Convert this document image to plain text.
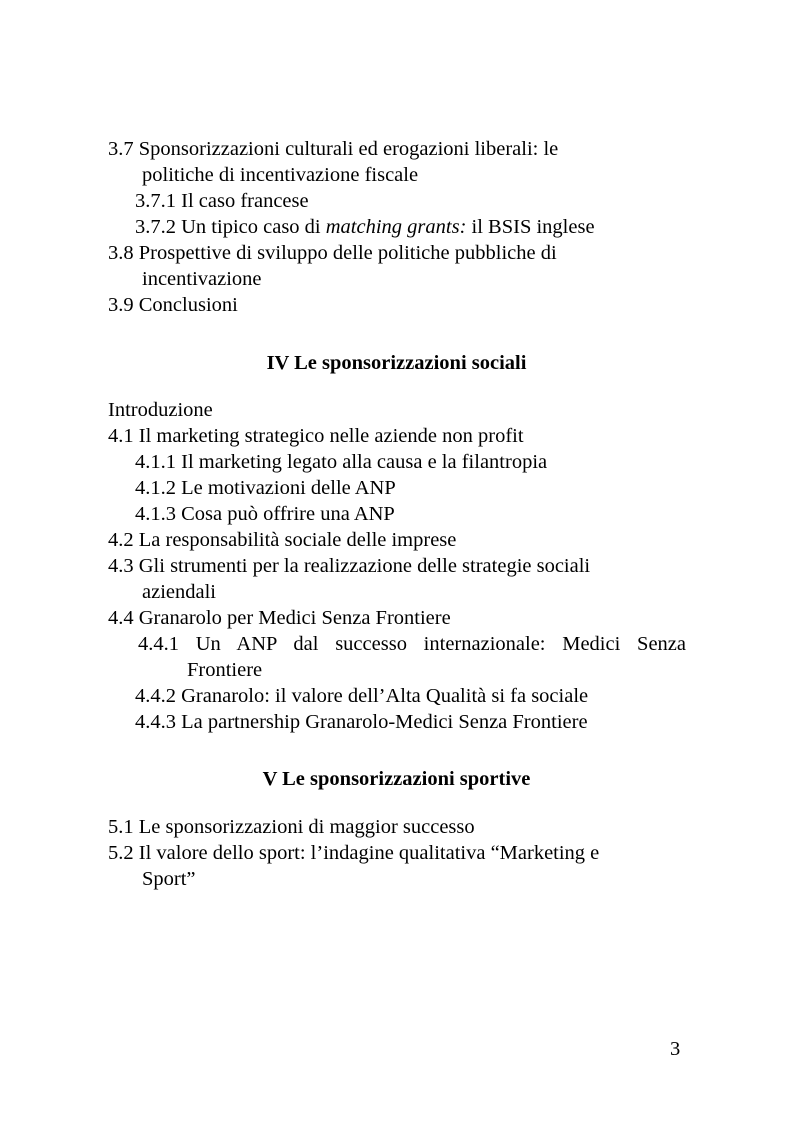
3.7 Sponsorizzazioni culturali ed erogazioni liberali: le
politiche di incentivazione fiscale
3.7.1 Il caso francese
3.7.2 Un tipico caso di matching grants: il BSIS inglese
3.8 Prospettive di sviluppo delle politiche pubbliche di
incentivazione
3.9 Conclusioni
IV Le sponsorizzazioni sociali
Introduzione
4.1 Il marketing strategico nelle aziende non profit
4.1.1 Il marketing legato alla causa e la filantropia
4.1.2 Le motivazioni delle ANP
4.1.3 Cosa può offrire una ANP
4.2 La responsabilità sociale delle imprese
4.3 Gli strumenti per la realizzazione delle strategie sociali
aziendali
4.4 Granarolo per Medici Senza Frontiere
4.4.1 Un ANP dal successo internazionale: Medici Senza
Frontiere
4.4.2 Granarolo: il valore dell’Alta Qualità si fa sociale
4.4.3 La partnership Granarolo-Medici Senza Frontiere
V Le sponsorizzazioni sportive
5.1 Le sponsorizzazioni di maggior successo
5.2 Il valore dello sport: l’indagine qualitativa “Marketing e
Sport”
3
